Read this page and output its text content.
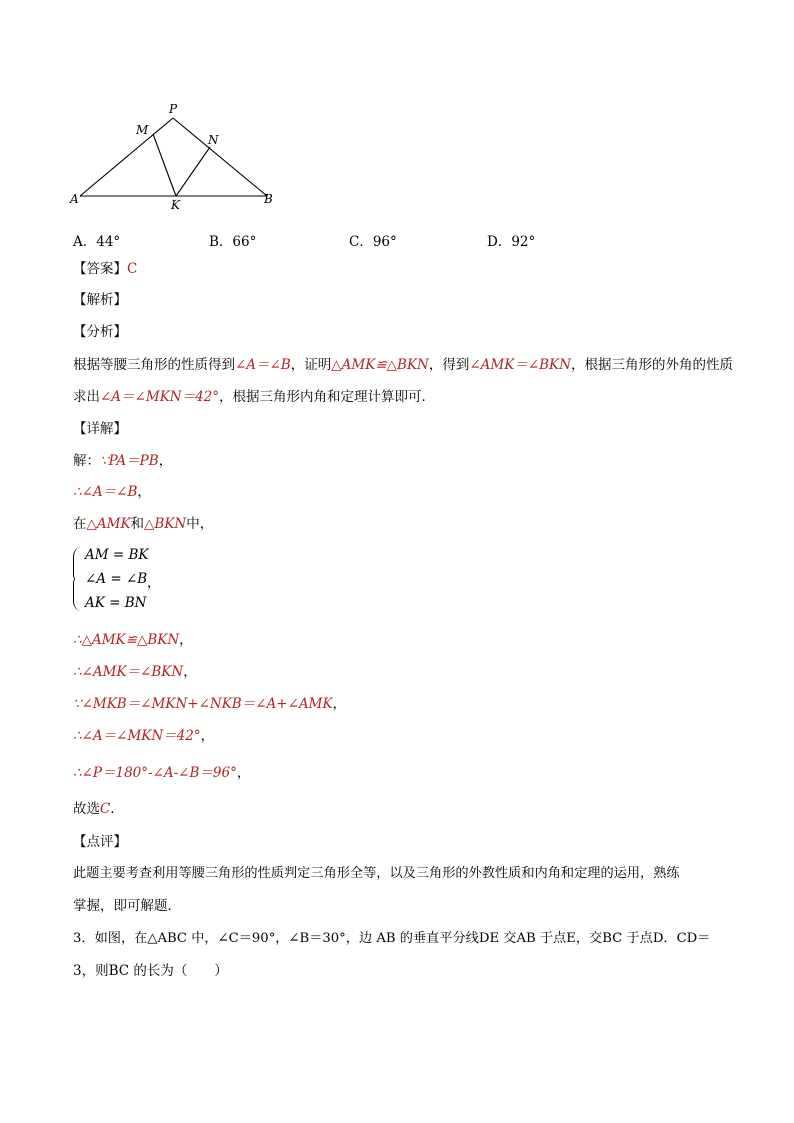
P
M
N
A	K	B
A．44°	B．66°	C．96°	D．92°
【答案】C
【解析】
【分析】
根据等腰三角形的性质得到∠A＝∠B，证明△AMK≌△BKN，得到∠AMK＝∠BKN，根据三角形的外角的性质
求出∠A＝∠MKN＝42°，根据三角形内角和定理计算即可．
【详解】
解：∵PA＝PB，
∴∠A＝∠B，
在△AMK和△BKN中，
AM = BK
∠A = ∠B
AK = BN
，
∴△AMK≌△BKN，
∴∠AMK＝∠BKN，
∵∠MKB＝∠MKN+∠NKB＝∠A+∠AMK，
∴∠A＝∠MKN＝42°，
∴∠P＝180°-∠A-∠B＝96°，
故选C．
【点评】
此题主要考查利用等腰三角形的性质判定三角形全等，以及三角形的外教性质和内角和定理的运用，熟练
掌握，即可解题．
3．如图，在△ABC 中，∠C＝90°，∠B＝30°，边 AB 的垂直平分线DE 交AB 于点E，交BC 于点D．CD＝
3，则BC 的长为（　　）
